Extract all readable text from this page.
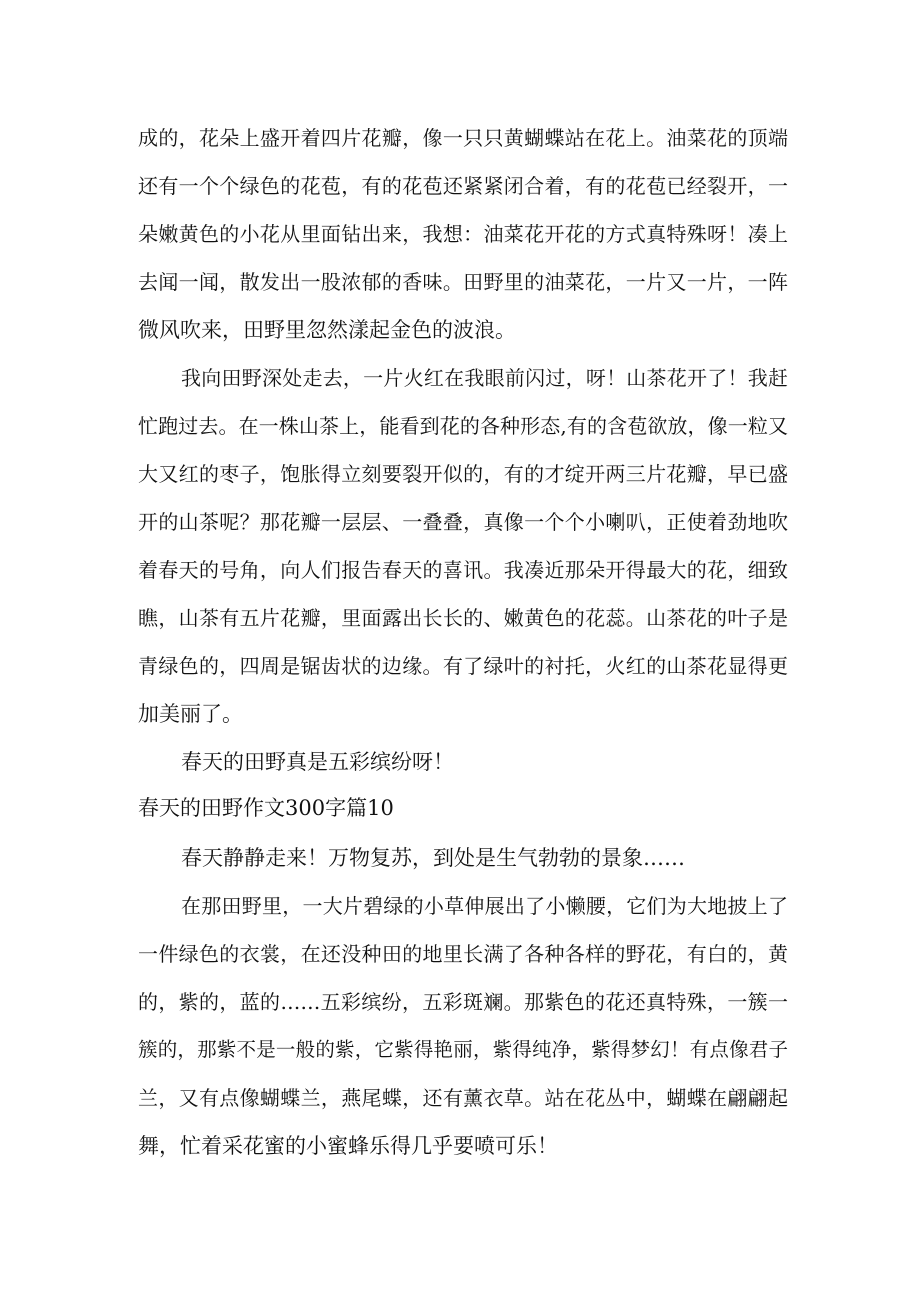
成的，花朵上盛开着四片花瓣，像一只只黄蝴蝶站在花上。油菜花的顶端
还有一个个绿色的花苞，有的花苞还紧紧闭合着，有的花苞已经裂开，一
朵嫩黄色的小花从里面钻出来，我想：油菜花开花的方式真特殊呀！凑上
去闻一闻，散发出一股浓郁的香味。田野里的油菜花，一片又一片，一阵
微风吹来，田野里忽然漾起金色的波浪。
我向田野深处走去，一片火红在我眼前闪过，呀！山茶花开了！我赶
忙跑过去。在一株山茶上，能看到花的各种形态,有的含苞欲放，像一粒又
大又红的枣子，饱胀得立刻要裂开似的，有的才绽开两三片花瓣，早已盛
开的山茶呢？那花瓣一层层、一叠叠，真像一个个小喇叭，正使着劲地吹
着春天的号角，向人们报告春天的喜讯。我凑近那朵开得最大的花，细致
瞧，山茶有五片花瓣，里面露出长长的、嫩黄色的花蕊。山茶花的叶子是
青绿色的，四周是锯齿状的边缘。有了绿叶的衬托，火红的山茶花显得更
加美丽了。
春天的田野真是五彩缤纷呀！
春天的田野作文300字篇10
春天静静走来！万物复苏，到处是生气勃勃的景象……
在那田野里，一大片碧绿的小草伸展出了小懒腰，它们为大地披上了
一件绿色的衣裳，在还没种田的地里长满了各种各样的野花，有白的，黄
的，紫的，蓝的……五彩缤纷，五彩斑斓。那紫色的花还真特殊，一簇一
簇的，那紫不是一般的紫，它紫得艳丽，紫得纯净，紫得梦幻！有点像君子
兰，又有点像蝴蝶兰，燕尾蝶，还有薰衣草。站在花丛中，蝴蝶在翩翩起
舞，忙着采花蜜的小蜜蜂乐得几乎要喷可乐！
